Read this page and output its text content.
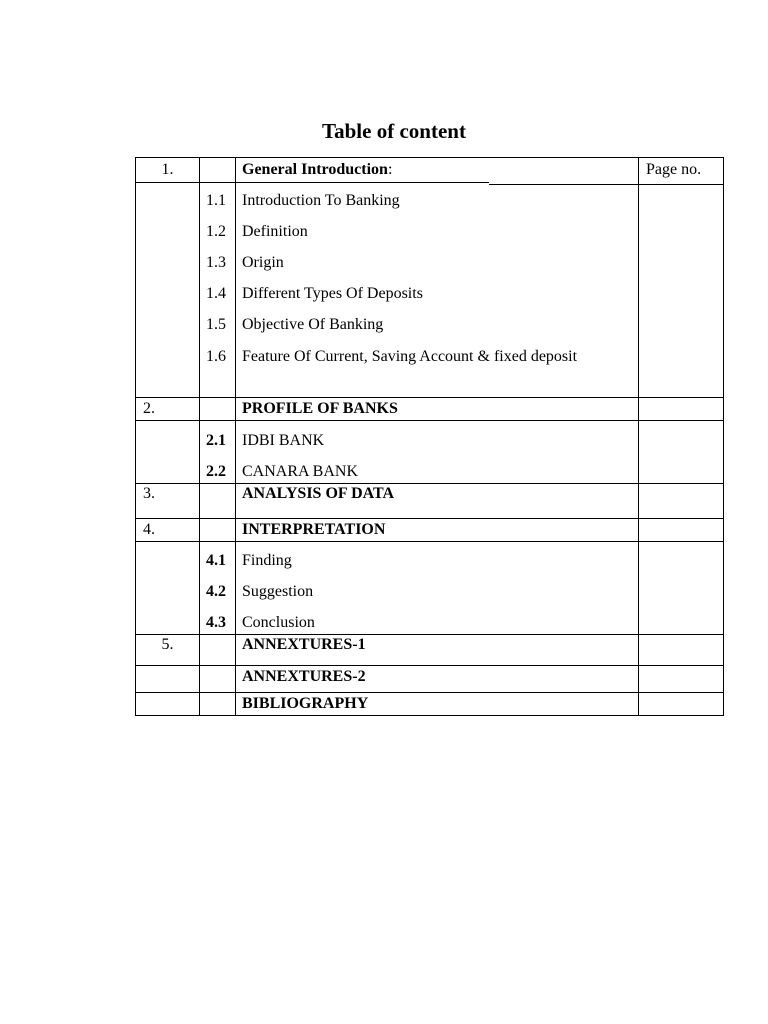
Table of content
1.	General Introduction:	Page no.
1.1 Introduction To Banking
1.2 Definition
1.3 Origin
1.4 Different Types Of Deposits
1.5 Objective Of Banking
1.6 Feature Of Current, Saving Account & fixed deposit
2.	PROFILE OF BANKS
2.1 IDBI BANK
2.2 CANARA BANK
3.	ANALYSIS OF DATA
4.	INTERPRETATION
4.1 Finding
4.2 Suggestion
4.3 Conclusion
5.	ANNEXTURES-1
ANNEXTURES-2
BIBLIOGRAPHY
